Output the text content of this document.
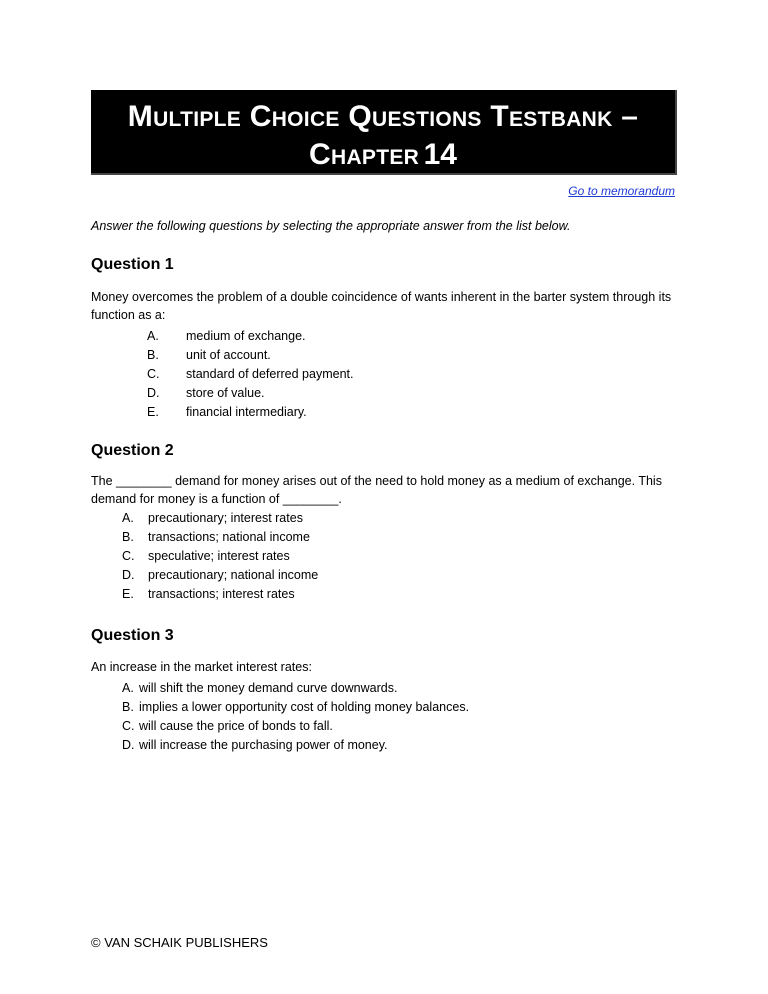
Multiple Choice Questions Testbank –
Chapter 14
Go to memorandum
Answer the following questions by selecting the appropriate answer from the list below.
Question 1

Money overcomes the problem of a double coincidence of wants inherent in the barter system through its function as a:

A.	medium of exchange.
B.	unit of account.
C.	standard of deferred payment.
D.	store of value.
E.	financial intermediary.
Question 2

The ________ demand for money arises out of the need to hold money as a medium of exchange. This demand for money is a function of ________.

A.	precautionary; interest rates
B.	transactions; national income
C.	speculative; interest rates
D.	precautionary; national income
E.	transactions; interest rates
Question 3

An increase in the market interest rates:

A. will shift the money demand curve downwards.
B. implies a lower opportunity cost of holding money balances.
C. will cause the price of bonds to fall.
D. will increase the purchasing power of money.
© VAN SCHAIK PUBLISHERS
